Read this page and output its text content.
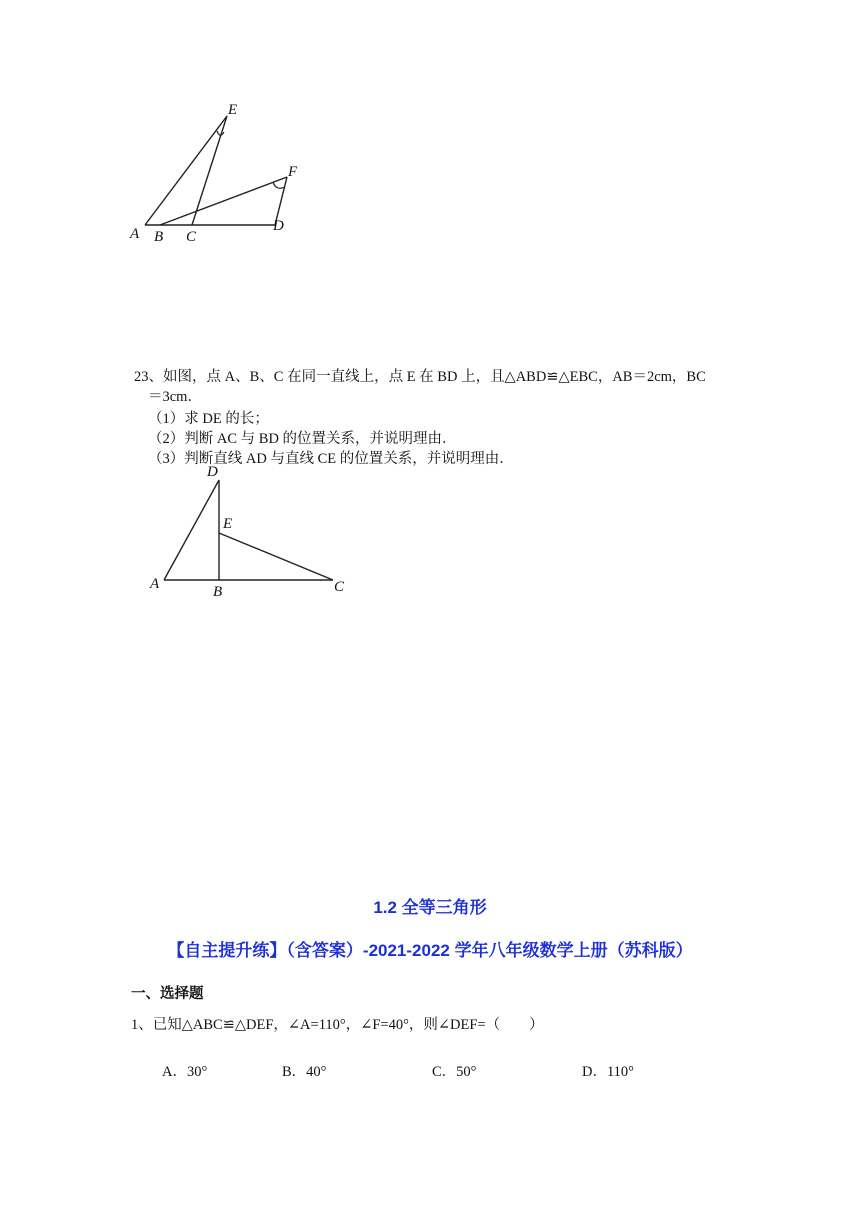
A B C
D
E
F
23、如图，点 A、B、C 在同一直线上，点 E 在 BD 上，且△ABD≌△EBC，AB＝2cm，BC
＝3cm．
（1）求 DE 的长；
（2）判断 AC 与 BD 的位置关系，并说明理由．
（3）判断直线 AD 与直线 CE 的位置关系，并说明理由．
A	B	C
D
E
1.2 全等三角形
【自主提升练】（含答案）-2021-2022 学年八年级数学上册（苏科版）
一、选择题
1、已知△ABC≌△DEF，∠A=110°，∠F=40°，则∠DEF=（　　）
A．30°	B．40°	C．50°	D．110°
